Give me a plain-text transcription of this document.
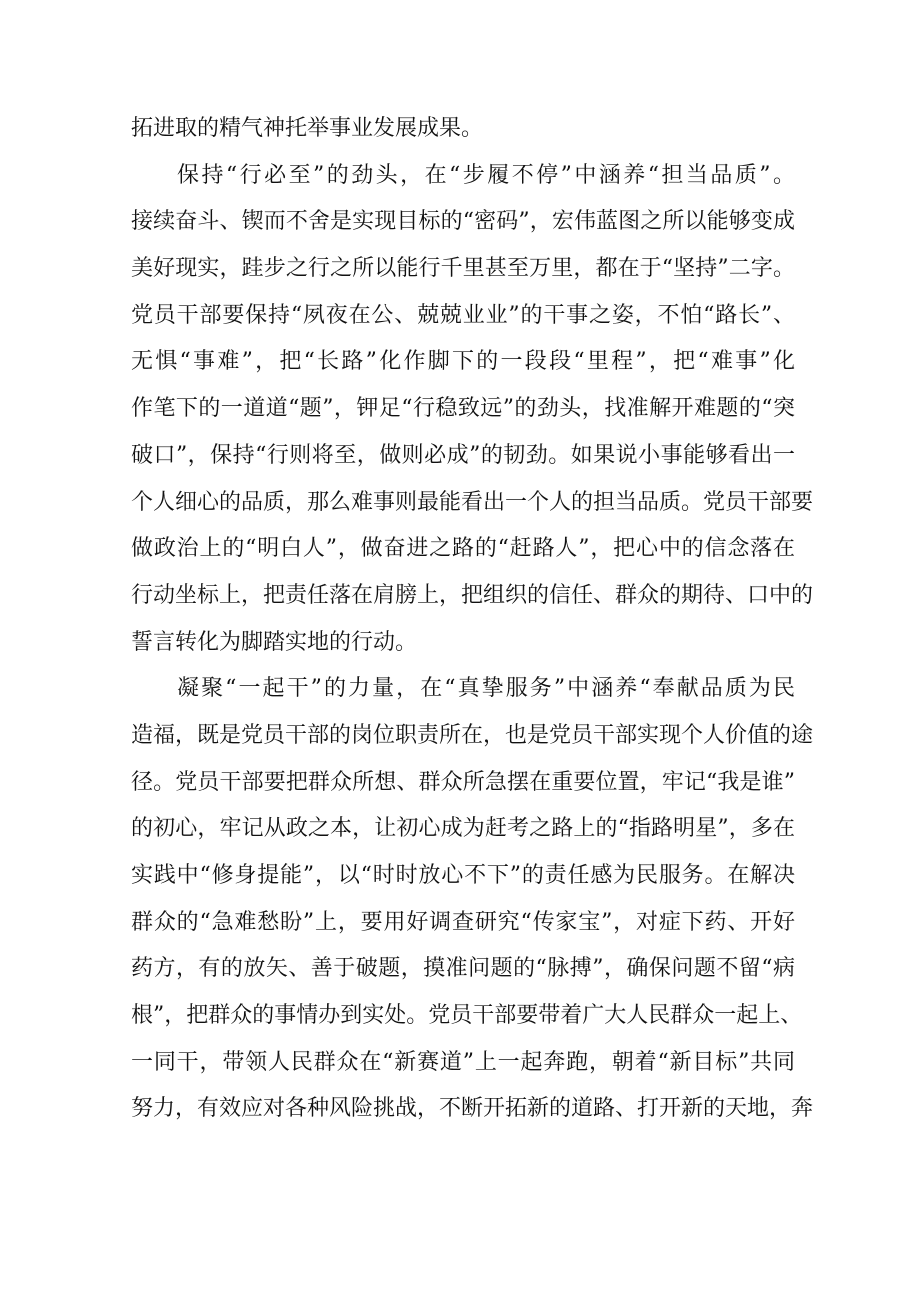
拓进取的精气神托举事业发展成果。
保持“行必至”的劲头，在“步履不停”中涵养“担当品质”。
接续奋斗、锲而不舍是实现目标的“密码”，宏伟蓝图之所以能够变成
美好现实，跬步之行之所以能行千里甚至万里，都在于“坚持”二字。
党员干部要保持“夙夜在公、兢兢业业”的干事之姿，不怕“路长”、
无惧“事难”，把“长路”化作脚下的一段段“里程”，把“难事”化
作笔下的一道道“题”，钾足“行稳致远”的劲头，找准解开难题的“突
破口”，保持“行则将至，做则必成”的韧劲。如果说小事能够看出一
个人细心的品质，那么难事则最能看出一个人的担当品质。党员干部要
做政治上的“明白人”，做奋进之路的“赶路人”，把心中的信念落在
行动坐标上，把责任落在肩膀上，把组织的信任、群众的期待、口中的
誓言转化为脚踏实地的行动。
凝聚“一起干”的力量，在“真挚服务”中涵养“奉献品质为民
造福，既是党员干部的岗位职责所在，也是党员干部实现个人价值的途
径。党员干部要把群众所想、群众所急摆在重要位置，牢记“我是谁”
的初心，牢记从政之本，让初心成为赶考之路上的“指路明星”，多在
实践中“修身提能”，以“时时放心不下”的责任感为民服务。在解决
群众的“急难愁盼”上，要用好调查研究“传家宝”，对症下药、开好
药方，有的放矢、善于破题，摸准问题的“脉搏”，确保问题不留“病
根”，把群众的事情办到实处。党员干部要带着广大人民群众一起上、
一同干，带领人民群众在“新赛道”上一起奔跑，朝着“新目标”共同
努力，有效应对各种风险挑战，不断开拓新的道路、打开新的天地，奔
